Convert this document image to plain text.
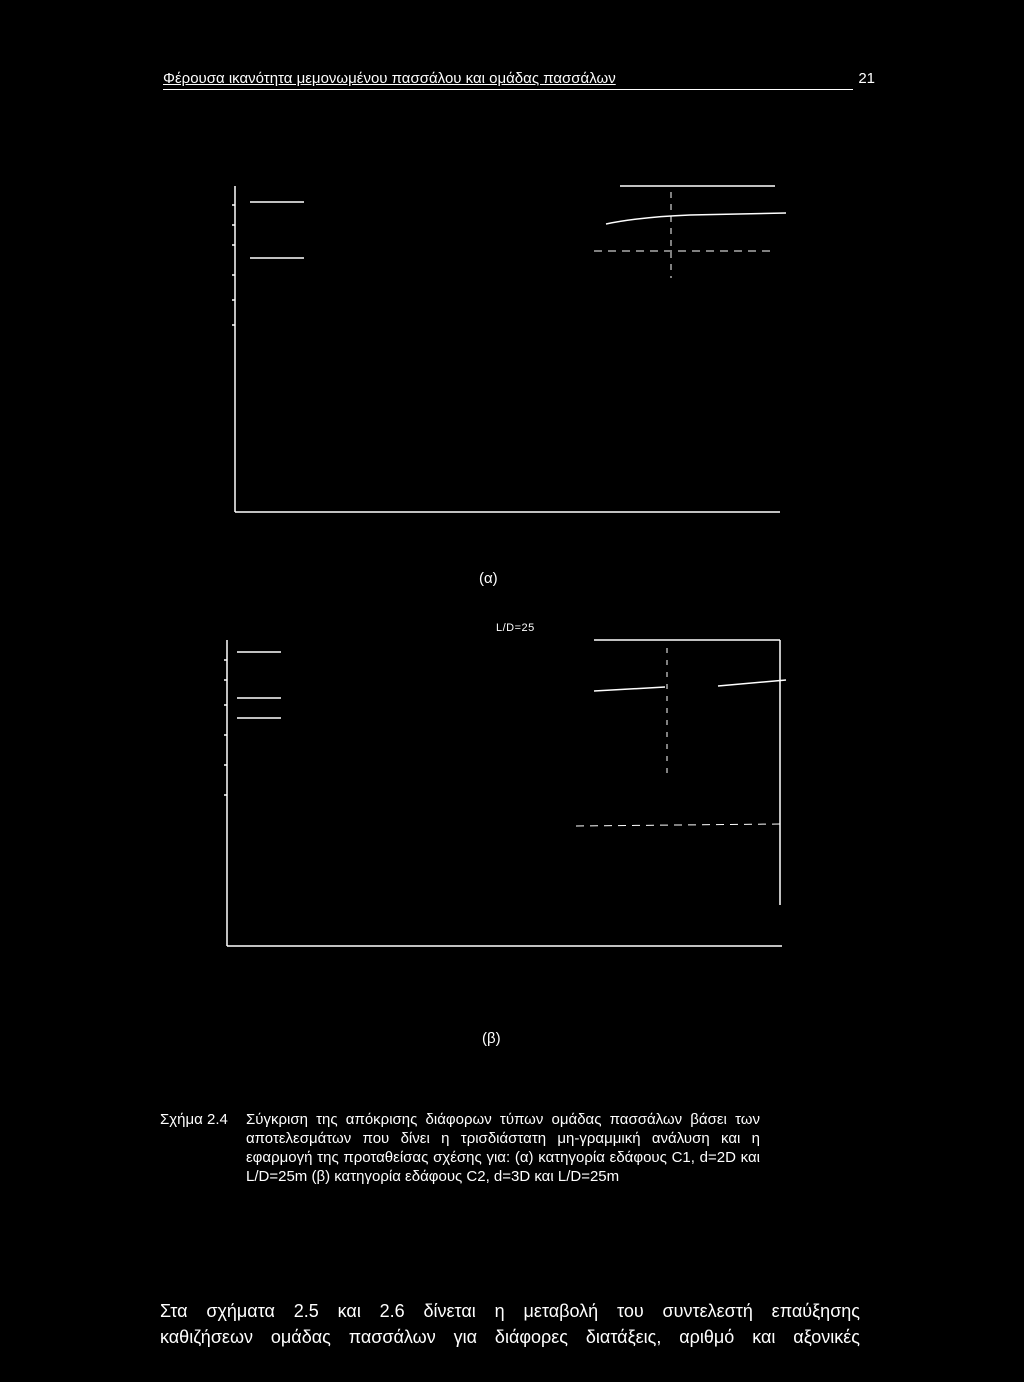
Φέρουσα ικανότητα μεμονωμένου πασσάλου και ομάδας πασσάλων	21
(α)
L/D=25
(β)
Σχήμα 2.4 Σύγκριση της απόκρισης διάφορων τύπων ομάδας πασσάλων βάσει των αποτελεσμάτων που δίνει η τρισδιάστατη μη-γραμμική ανάλυση και η εφαρμογή της προταθείσας σχέσης για: (α) κατηγορία εδάφους C1, d=2D και L/D=25m (β) κατηγορία εδάφους C2, d=3D και L/D=25m
Στα σχήματα 2.5 και 2.6 δίνεται η μεταβολή του συντελεστή επαύξησης
καθιζήσεων ομάδας πασσάλων για διάφορες διατάξεις, αριθμό και αξονικές
